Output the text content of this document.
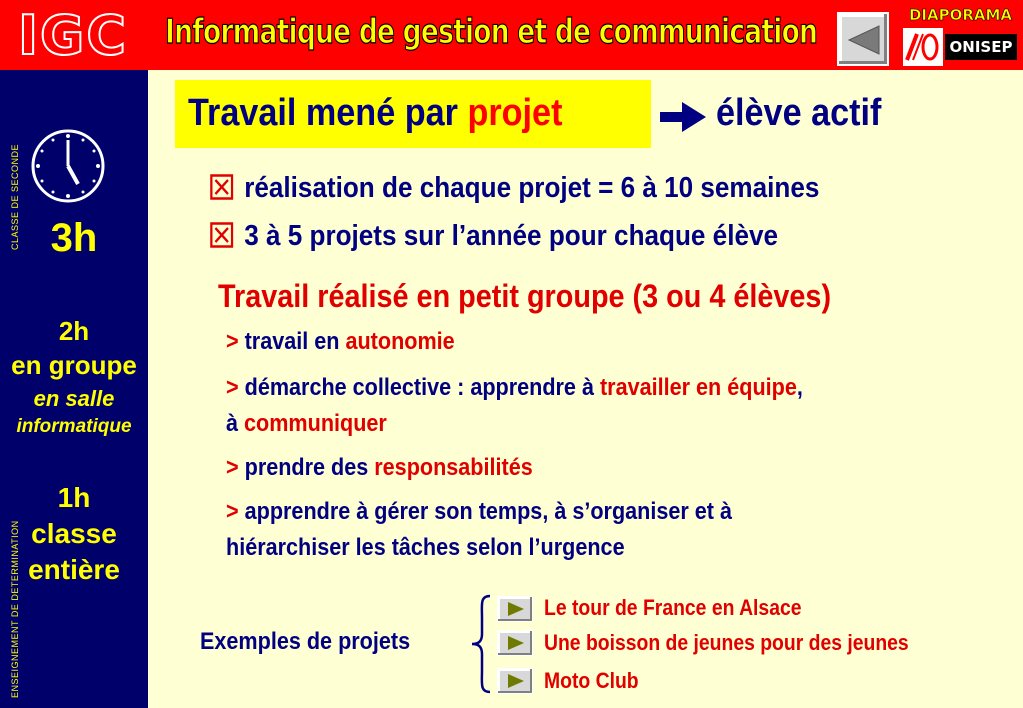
IGC Informatique de gestion et de communication	DIAPORAMA
ONISEP
CLASSE DE SECONDE
ENSEIGNEMENT DE DETERMINATION
3h
2h
en groupe
en salle
informatique
1h
classe
entière
Travail mené par projet	élève actif
réalisation de chaque projet = 6 à 10 semaines
3 à 5 projets sur l’année pour chaque élève
Travail réalisé en petit groupe (3 ou 4 élèves)
> travail en autonomie
> démarche collective : apprendre à travailler en équipe,
à communiquer
> prendre des responsabilités
> apprendre à gérer son temps, à s’organiser et à
hiérarchiser les tâches selon l’urgence
Exemples de projets
Le tour de France en Alsace
Une boisson de jeunes pour des jeunes
Moto Club
